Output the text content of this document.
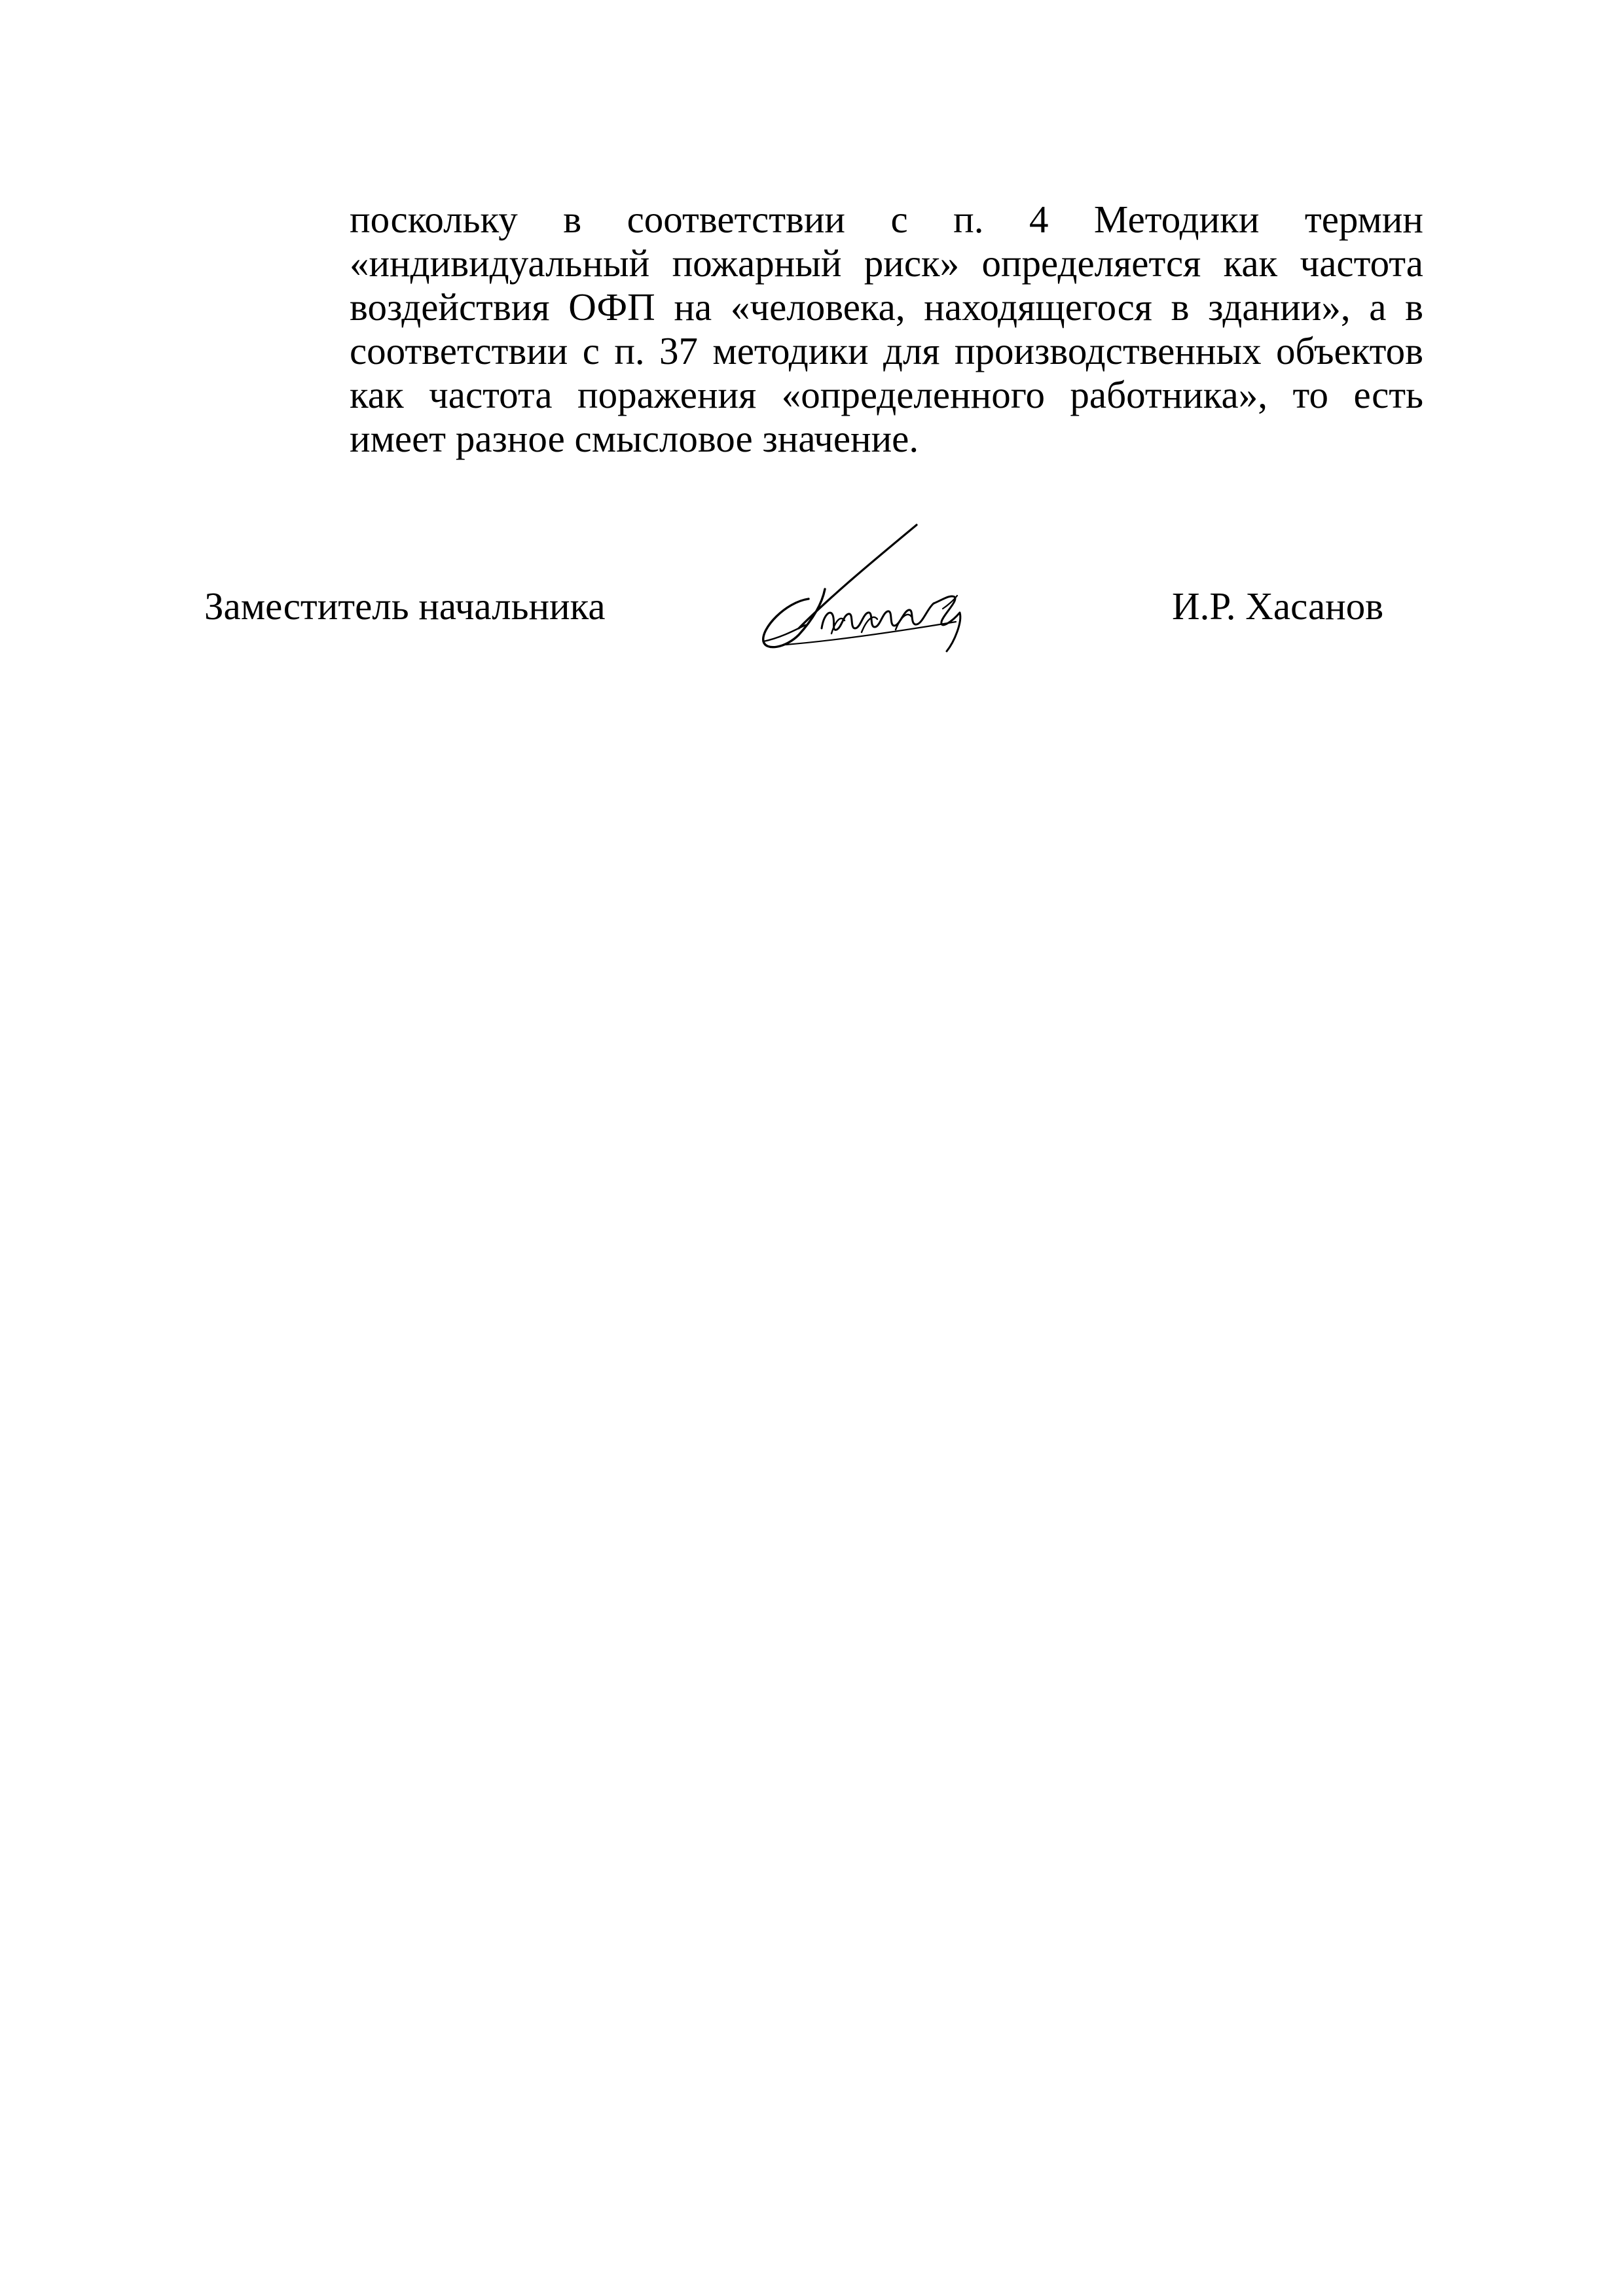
поскольку в соответствии с п. 4 Методики термин
«индивидуальный пожарный риск» определяется как частота
воздействия ОФП на «человека, находящегося в здании», а в
соответствии с п. 37 методики для производственных объектов
как частота поражения «определенного работника», то есть
имеет разное смысловое значение.

Заместитель начальника	И.Р. Хасанов
